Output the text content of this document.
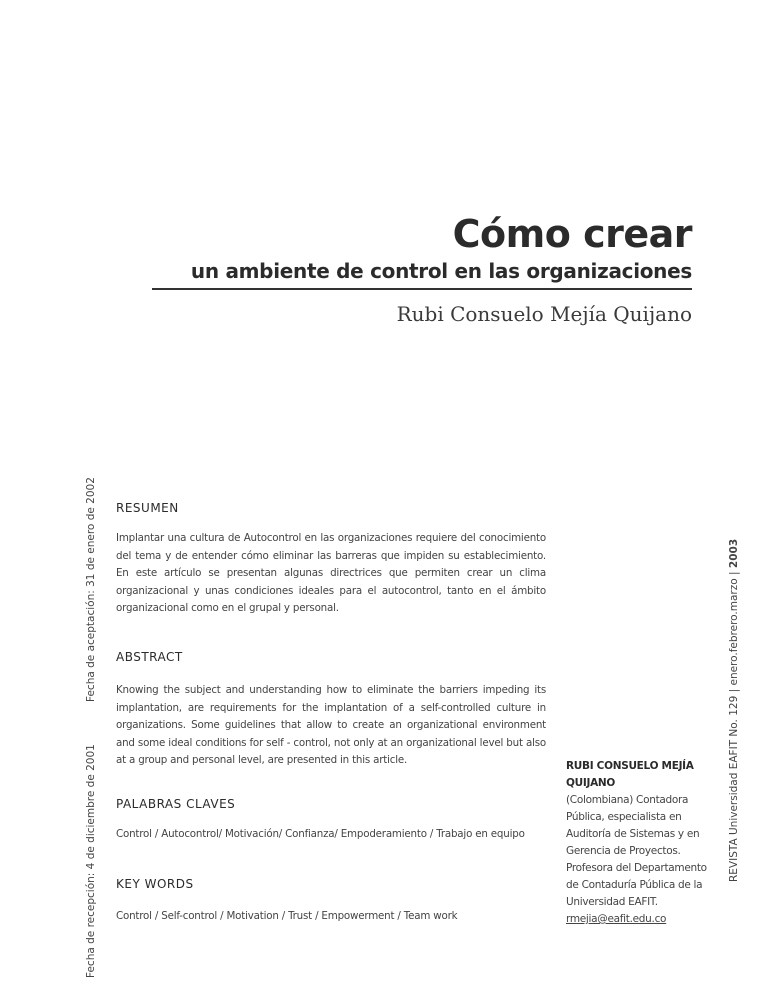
Cómo crear
un ambiente de control en las organizaciones
Rubi Consuelo Mejía Quijano
Fecha de recepción: 4 de diciembre de 2001
Fecha de aceptación: 31 de enero de 2002
REVISTA Universidad EAFIT No. 129 | enero.febrero.marzo | 2003
RESUMEN
Implantar una cultura de Autocontrol en las organizaciones requiere del conocimiento del tema y de entender cómo eliminar las barreras que impiden su establecimiento. En este artículo se presentan algunas directrices que permiten crear un clima organizacional y unas condiciones ideales para el autocontrol, tanto en el ámbito organizacional como en el grupal y personal.
ABSTRACT
Knowing the subject and understanding how to eliminate the barriers impeding its implantation, are requirements for the implantation of a self-controlled culture in organizations. Some guidelines that allow to create an organizational environment and some ideal conditions for self - control, not only at an organizational level but also at a group and personal level, are presented in this article.
PALABRAS CLAVES
Control / Autocontrol/ Motivación/ Confianza/ Empoderamiento / Trabajo en equipo
KEY WORDS
Control / Self-control / Motivation / Trust / Empowerment / Team work
RUBI CONSUELO MEJÍA QUIJANO
(Colombiana) Contadora Pública, especialista en Auditoría de Sistemas y en Gerencia de Proyectos. Profesora del Departamento de Contaduría Pública de la Universidad EAFIT.
rmejia@eafit.edu.co
